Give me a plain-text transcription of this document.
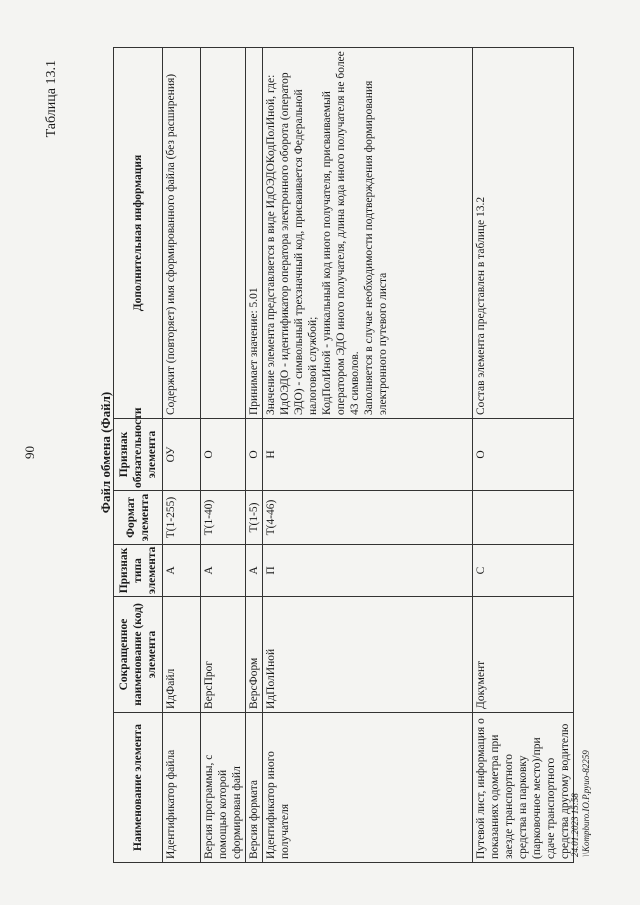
90
Таблица 13.1
Файл обмена (Файл)
Наименование элемента	Сокращенное наименование (код) элемента	Признак типа элемента	Формат элемента	Признак обязательности элемента	Дополнительная информация
Идентификатор файла	ИдФайл	А	T(1-255)	ОУ	Содержит (повторяет) имя сформированного файла (без расширения)
Версия программы, с помощью которой сформирован файл	ВерсПрог	А	T(1-40)	О	
Версия формата	ВерсФорм	А	T(1-5)	О	Принимает значение: 5.01
Идентификатор иного получателя	ИдПолИной	П	T(4-46)	Н	Значение элемента представляется в виде ИдОЭДОКодПолИной, где:
ИдОЭДО - идентификатор оператора электронного оборота (оператор ЭДО) - символьный трехзначный код, присваивается Федеральной налоговой службой;
КодПолИной - уникальный код иного получателя, присваиваемый оператором ЭДО иного получателя, длина кода иного получателя не более 43 символов.
Заполняется в случае необходимости подтверждения формирования электронного путевого листа
Путевой лист, информация о показаниях одометра при заезде транспортного средства на парковку (парковочное место)/при сдаче транспортного средства другому водителю	Документ	С		О	Состав элемента представлен в таблице 13.2
24.01.2023 15:58 \\Kompburo.IO.P.pyuo-82259
